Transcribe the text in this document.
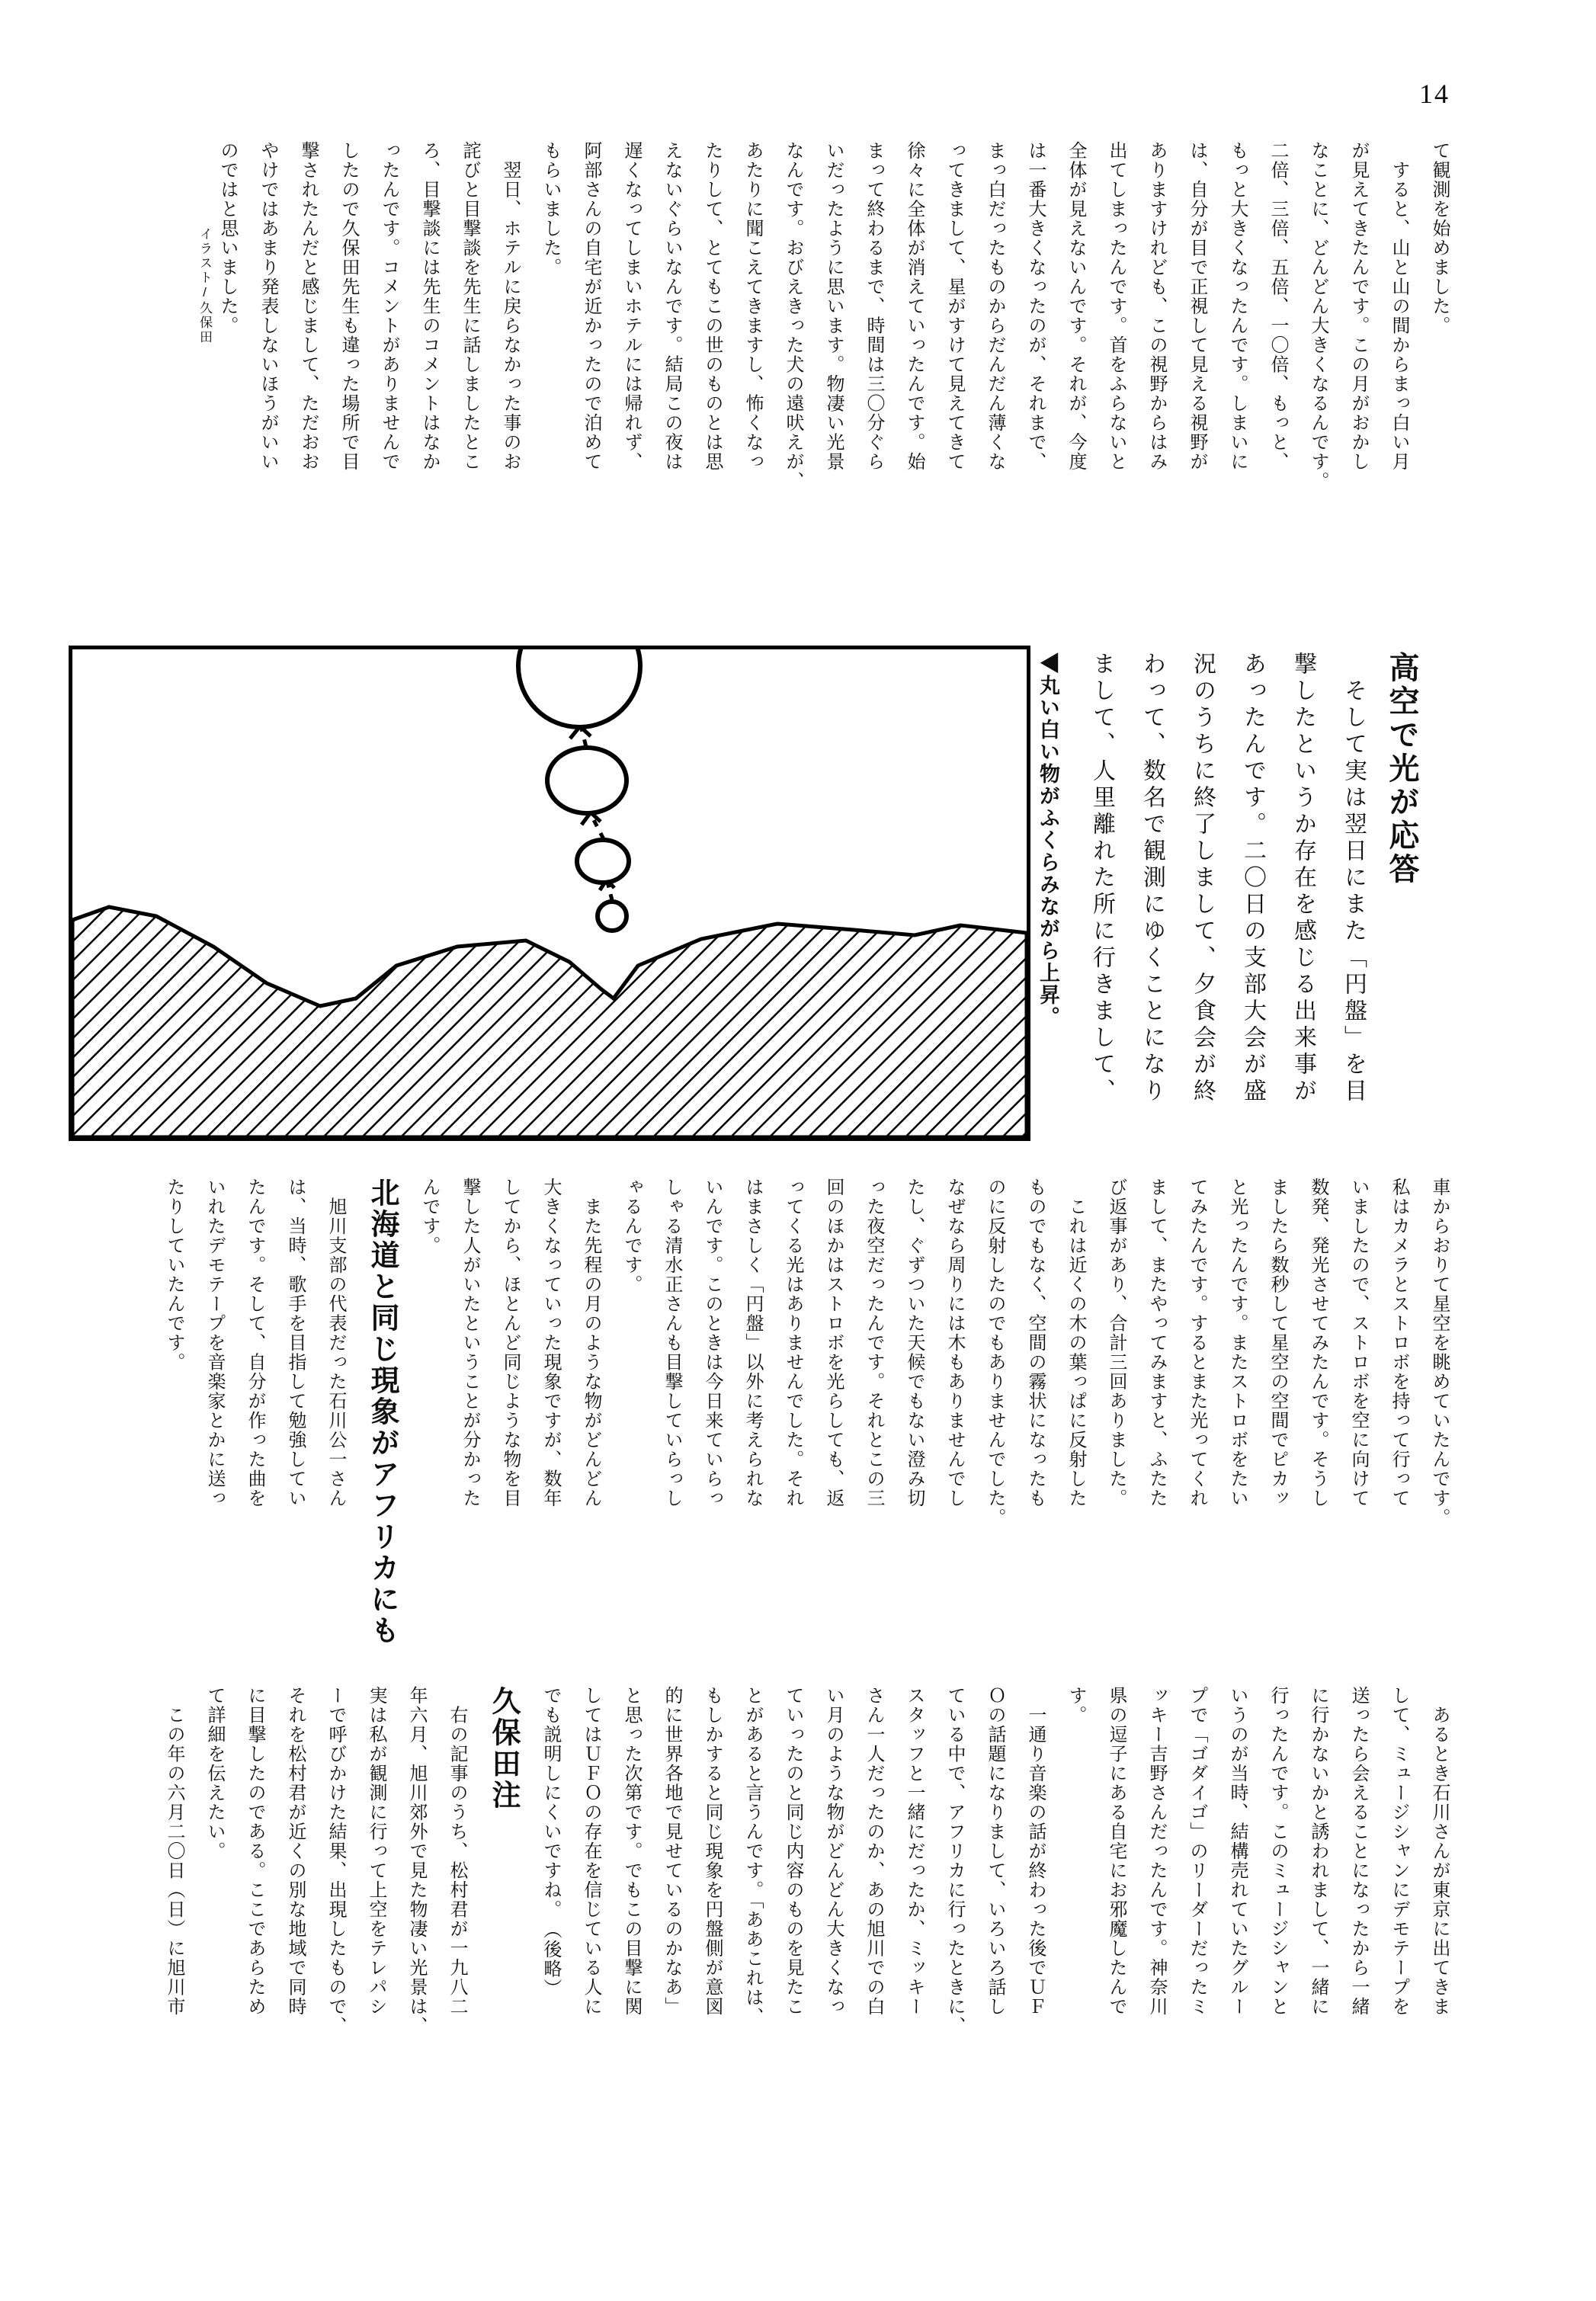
14
て観測を始めました。
　すると、山と山の間からまっ白い月
が見えてきたんです。この月がおかし
なことに、どんどん大きくなるんです。
二倍、三倍、五倍、一〇倍、もっと、
もっと大きくなったんです。しまいに
は、自分が目で正視して見える視野が
ありますけれども、この視野からはみ
出てしまったんです。首をふらないと
全体が見えないんです。それが、今度
は一番大きくなったのが、それまで、
まっ白だったものからだんだん薄くな
ってきまして、星がすけて見えてきて
徐々に全体が消えていったんです。始
まって終わるまで、時間は三〇分ぐら
いだったように思います。物凄い光景
なんです。おびえきった犬の遠吠えが、
あたりに聞こえてきますし、怖くなっ
たりして、とてもこの世のものとは思
えないぐらいなんです。結局この夜は
遅くなってしまいホテルには帰れず、
阿部さんの自宅が近かったので泊めて
もらいました。
　翌日、ホテルに戻らなかった事のお
詫びと目撃談を先生に話しましたとこ
ろ、目撃談には先生のコメントはなか
ったんです。コメントがありませんで
したので久保田先生も違った場所で目
撃されたんだと感じまして、ただおお
やけではあまり発表しないほうがいい
のではと思いました。
イラスト/久保田
高空で光が応答
　そして実は翌日にまた「円盤」を目
撃したというか存在を感じる出来事が
あったんです。二〇日の支部大会が盛
況のうちに終了しまして、夕食会が終
わって、数名で観測にゆくことになり
まして、人里離れた所に行きまして、
◀丸い白い物がふくらみながら上昇。
車からおりて星空を眺めていたんです。
私はカメラとストロボを持って行って
いましたので、ストロボを空に向けて
数発、発光させてみたんです。そうし
ましたら数秒して星空の空間でピカッ
と光ったんです。またストロボをたい
てみたんです。するとまた光ってくれ
まして、またやってみますと、ふたた
び返事があり、合計三回ありました。
　これは近くの木の葉っぱに反射した
ものでもなく、空間の霧状になったも
のに反射したのでもありませんでした。
なぜなら周りには木もありませんでし
たし、ぐずついた天候でもない澄み切
った夜空だったんです。それとこの三
回のほかはストロボを光らしても、返
ってくる光はありませんでした。それ
はまさしく「円盤」以外に考えられな
いんです。このときは今日来ていらっ
しゃる清水正さんも目撃していらっし
ゃるんです。
　また先程の月のような物がどんどん
大きくなっていった現象ですが、数年
してから、ほとんど同じような物を目
撃した人がいたということが分かった
んです。
北海道と同じ現象がアフリカにも
　旭川支部の代表だった石川公一さん
は、当時、歌手を目指して勉強してい
たんです。そして、自分が作った曲を
いれたデモテープを音楽家とかに送っ
たりしていたんです。
　あるとき石川さんが東京に出てきま
して、ミュージシャンにデモテープを
送ったら会えることになったから一緒
に行かないかと誘われまして、一緒に
行ったんです。このミュージシャンと
いうのが当時、結構売れていたグルー
プで「ゴダイゴ」のリーダーだったミ
ッキー吉野さんだったんです。神奈川
県の逗子にある自宅にお邪魔したんで
す。
　一通り音楽の話が終わった後でＵＦ
Ｏの話題になりまして、いろいろ話し
ている中で、アフリカに行ったときに、
スタッフと一緒にだったか、ミッキー
さん一人だったのか、あの旭川での白
い月のような物がどんどん大きくなっ
ていったのと同じ内容のものを見たこ
とがあると言うんです。「ああこれは、
もしかすると同じ現象を円盤側が意図
的に世界各地で見せているのかなあ」
と思った次第です。でもこの目撃に関
してはＵＦＯの存在を信じている人に
でも説明しにくいですね。　（後略）
久保田注
　右の記事のうち、松村君が一九八二
年六月、旭川郊外で見た物凄い光景は、
実は私が観測に行って上空をテレパシ
ーで呼びかけた結果、出現したもので、
それを松村君が近くの別な地域で同時
に目撃したのである。ここであらため
て詳細を伝えたい。
　この年の六月二〇日（日）に旭川市
